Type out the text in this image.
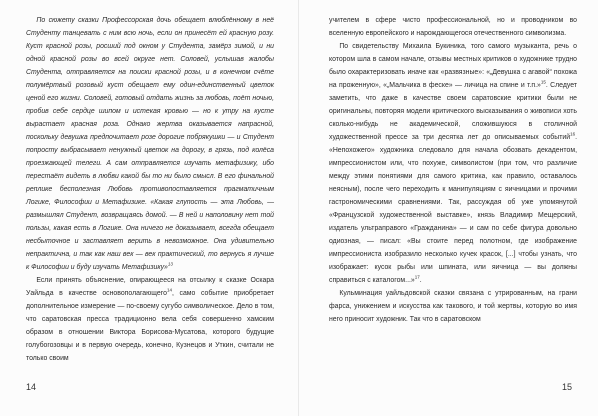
По сюжету сказки Профессорская дочь обещает влюблённому в неё Студенту танцевать с ним всю ночь, если он принесёт ей красную розу. Куст красной розы, росший под окном у Студента, замёрз зимой, и ни одной красной розы во всей округе нет. Соловей, услышав жалобы Студента, отправляется на поиски красной розы, и в конечном счёте полумёртвый розовый куст обещает ему один-единственный цветок ценой его жизни. Соловей, готовый отдать жизнь за любовь, поёт ночью, пробив себе сердце шипом и истекая кровью — но к утру на кусте вырастает красная роза. Однако жертва оказывается напрасной, поскольку девушка предпочитает розе дорогие побрякушки — и Студент попросту выбрасывает ненужный цветок на дорогу, в грязь, под колёса проезжающей телеги. А сам отправляется изучать метафизику, ибо перестаёт видеть в любви какой бы то ни было смысл. В его финальной реплике бесполезная Любовь противопоставляется прагматичным Логике, Философии и Метафизике. «Какая глупость — эта Любовь, — размышлял Студент, возвращаясь домой. — В ней и наполовину нет той пользы, какая есть в Логике. Она ничего не доказывает, всегда обещает несбыточное и заставляет верить в невозможное. Она удивительно непрактична, и так как наш век — век практический, то вернусь я лучше к Философии и буду изучать Метафизику»$^{13}$

Если принять объяснение, опирающееся на отсылку к сказке Оскара Уайльда в качестве основополагающего$^{14}$, само событие приобретает дополнительное измерение — по-своему сугубо символическое. Дело в том, что саратовская пресса традиционно вела себя совершенно хамским образом в отношении Виктора Борисова-Мусатова, которого будущие голубоrозовцы и в первую очередь, конечно, Кузнецов и Уткин, считали не только своим

14

учителем в сфере чисто профессиональной, но и проводником во вселенную европейского и нарождающегося отечественного символизма.

По свидетельству Михаила Букиника, того самого музыканта, речь о котором шла в самом начале, отзывы местных критиков о художнике трудно было охарактеризовать иначе как «развязные»: «„Девушка с агавой“ похожа на проженную», «„Мальчика в феске» — личица на спине и т.п.»$^{15}$. Следует заметить, что даже в качестве своем саратовские критики были не оригинальны, повторяя модели критического высказывания о живописи хоть сколько-нибудь не академической, сложившуюся в столичной художественной прессе за три десятка лет до описываемых событий$^{16}$. «Непохожего» художника следовало для начала обозвать декадентом, импрессионистом или, что похуже, символистом (при том, что различие между этими понятиями для самого критика, как правило, оставалось неясным), после чего переходить к манипуляциям с яичницами и прочими гастрономическими сравнениями. Так, рассуждая об уже упомянутой «Французской художественной выставке», князь Владимир Мещерский, издатель ультраправого «Гражданина» — и сам по себе фигура довольно одиозная, — писал: «Вы стоите перед полотном, где изображение импрессиониста изобразило несколько кучек красок, [...] чтобы узнать, что изображает: кусок рыбы или шпината, или яичница — вы должны справиться с каталогом...»$^{17}$.

Кульминация уайльдовской сказки связана с утрированным, на грани фарса, унижением и искусства как такового, и той жертвы, которую во имя него приносит художник. Так что в саратовском

15
